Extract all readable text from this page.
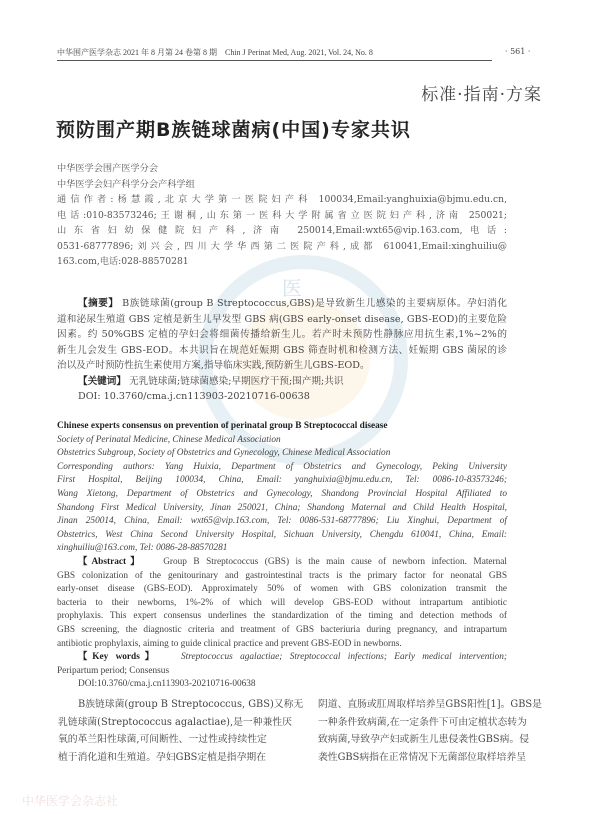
医
中华医学会杂志社
中华围产医学杂志 2021 年 8 月第 24 卷第 8 期　Chin J Perinat Med, Aug. 2021, Vol. 24, No. 8	· 561 ·
标准·指南·方案
预防围产期B族链球菌病(中国)专家共识
中华医学会围产医学分会
中华医学会妇产科学分会产科学组
通信作者:杨慧霞,北京大学第一医院妇产科 100034,Email:yanghuixia@bjmu.edu.cn,
电话:010-83573246;王谢桐,山东第一医科大学附属省立医院妇产科,济南 250021;
山东省妇幼保健院妇产科,济南 250014,Email:wxt65@vip.163.com,电话:
0531-68777896;刘兴会,四川大学华西第二医院产科,成都 610041,Email:xinghuiliu@
163.com,电话:028-88570281
【摘要】 B族链球菌(group B Streptococcus,GBS)是导致新生儿感染的主要病原体。孕妇消化
道和泌尿生殖道 GBS 定植是新生儿早发型 GBS 病(GBS early-onset disease, GBS-EOD)的主要危险
因素。约 50%GBS 定植的孕妇会将细菌传播给新生儿。若产时未预防性静脉应用抗生素,1%~2%的
新生儿会发生 GBS-EOD。本共识旨在规范妊娠期 GBS 筛查时机和检测方法、妊娠期 GBS 菌尿的诊
治以及产时预防性抗生素使用方案,指导临床实践,预防新生儿GBS-EOD。
【关键词】 无乳链球菌;链球菌感染;早期医疗干预;围产期;共识
DOI: 10.3760/cma.j.cn113903-20210716-00638
Chinese experts consensus on prevention of perinatal group B Streptococcal disease
Society of Perinatal Medicine, Chinese Medical Association
Obstetrics Subgroup, Society of Obstetrics and Gynecology, Chinese Medical Association
Corresponding authors: Yang Huixia, Department of Obstetrics and Gynecology, Peking University
First Hospital, Beijing 100034, China, Email: yanghuixia@bjmu.edu.cn, Tel: 0086-10-83573246;
Wang Xietong, Department of Obstetrics and Gynecology, Shandong Provincial Hospital Affiliated to
Shandong First Medical University, Jinan 250021, China; Shandong Maternal and Child Health Hospital,
Jinan 250014, China, Email: wxt65@vip.163.com, Tel: 0086-531-68777896; Liu Xinghui, Department of
Obstetrics, West China Second University Hospital, Sichuan University, Chengdu 610041, China, Email:
xinghuiliu@163.com, Tel: 0086-28-88570281
【Abstract】 Group B Streptococcus (GBS) is the main cause of newborn infection. Maternal
GBS colonization of the genitourinary and gastrointestinal tracts is the primary factor for neonatal GBS
early-onset disease (GBS-EOD). Approximately 50% of women with GBS colonization transmit the
bacteria to their newborns, 1%-2% of which will develop GBS-EOD without intrapartum antibiotic
prophylaxis. This expert consensus underlines the standardization of the timing and detection methods of
GBS screening, the diagnostic criteria and treatment of GBS bacteriuria during pregnancy, and intrapartum
antibiotic prophylaxis, aiming to guide clinical practice and prevent GBS-EOD in newborns.
【Key words】 Streptococcus agalactiae; Streptococcal infections; Early medical intervention;
Peripartum period; Consensus
DOI:10.3760/cma.j.cn113903-20210716-00638
B族链球菌(group B Streptococcus, GBS)又称无
乳链球菌(Streptococcus agalactiae),是一种兼性厌
氧的革兰阳性球菌,可间断性、一过性或持续性定
植于消化道和生殖道。孕妇GBS定植是指孕期在
阴道、直肠或肛周取样培养呈GBS阳性[1]。GBS是
一种条件致病菌,在一定条件下可由定植状态转为
致病菌,导致孕产妇或新生儿患侵袭性GBS病。侵
袭性GBS病指在正常情况下无菌部位取样培养呈
